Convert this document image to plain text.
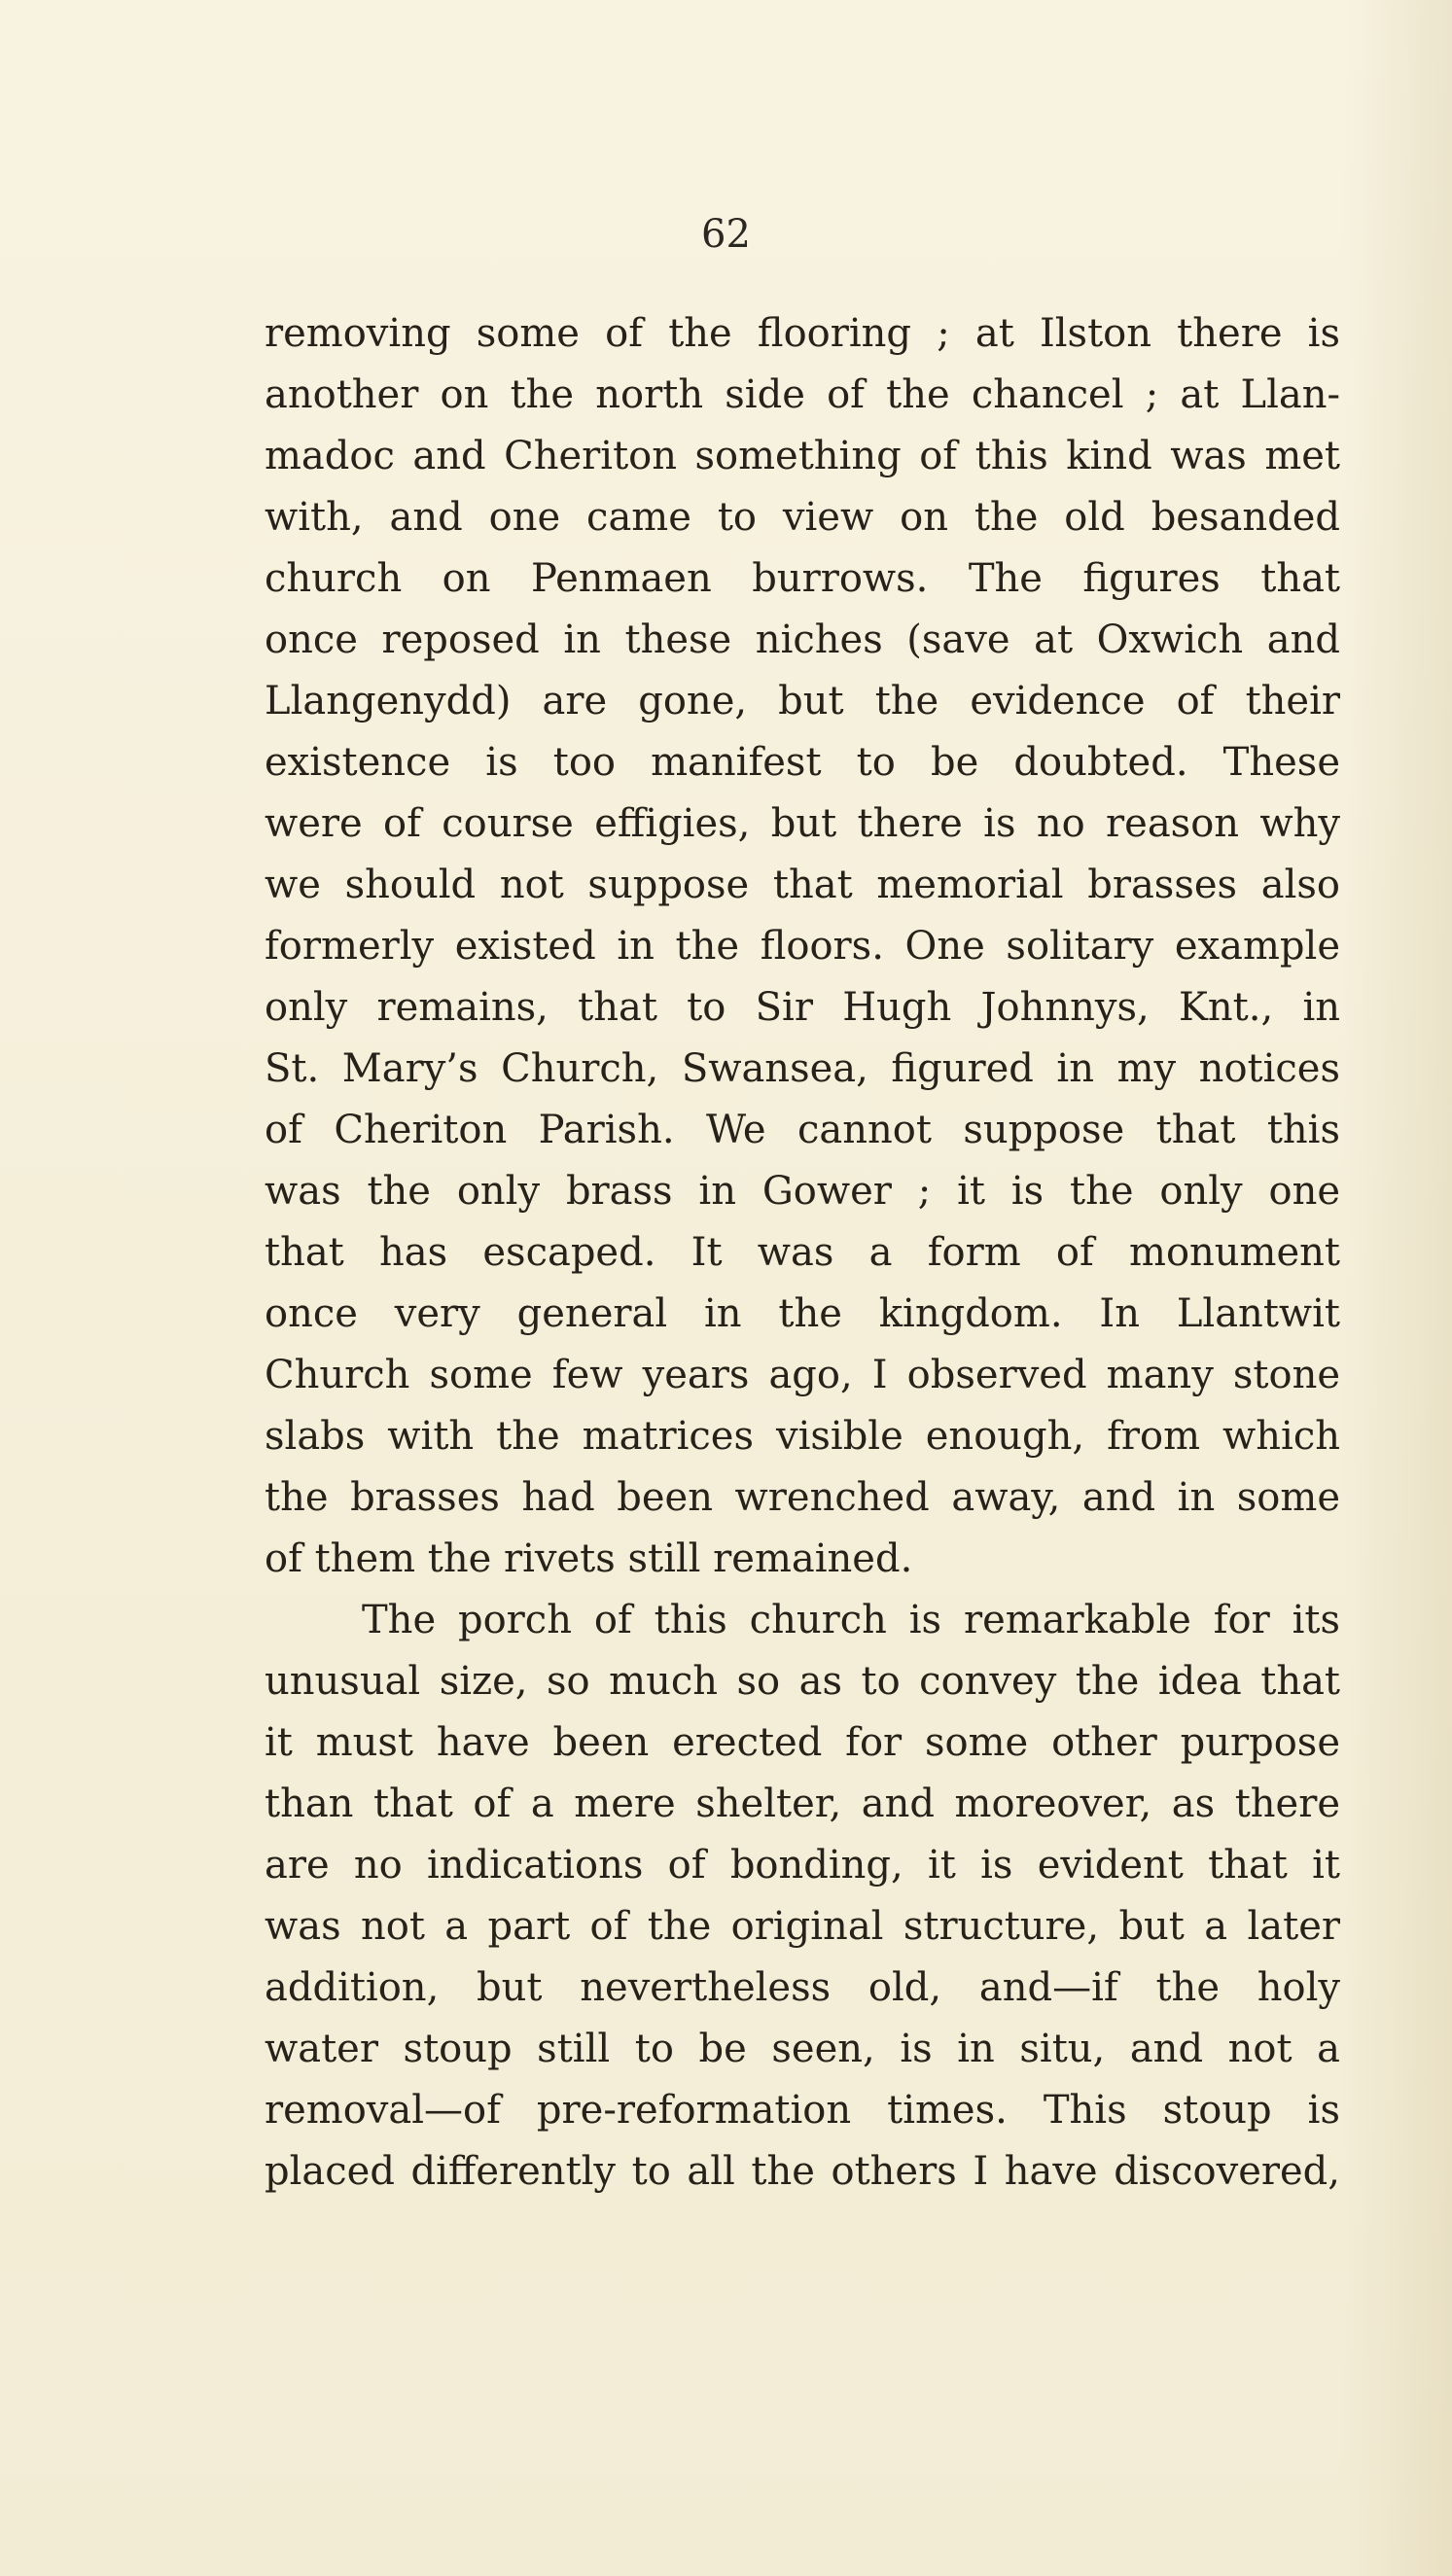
62

removing some of the flooring ; at Ilston there is
another on the north side of the chancel ; at Llan-
madoc and Cheriton something of this kind was met
with, and one came to view on the old besanded
church on Penmaen burrows. The figures that
once reposed in these niches (save at Oxwich and
Llangenydd) are gone, but the evidence of their
existence is too manifest to be doubted. These
were of course effigies, but there is no reason why
we should not suppose that memorial brasses also
formerly existed in the floors. One solitary example
only remains, that to Sir Hugh Johnnys, Knt., in
St. Mary’s Church, Swansea, figured in my notices
of Cheriton Parish. We cannot suppose that this
was the only brass in Gower ; it is the only one
that has escaped. It was a form of monument
once very general in the kingdom. In Llantwit
Church some few years ago, I observed many stone
slabs with the matrices visible enough, from which
the brasses had been wrenched away, and in some
of them the rivets still remained.
The porch of this church is remarkable for its
unusual size, so much so as to convey the idea that
it must have been erected for some other purpose
than that of a mere shelter, and moreover, as there
are no indications of bonding, it is evident that it
was not a part of the original structure, but a later
addition, but nevertheless old, and—if the holy
water stoup still to be seen, is in situ, and not a
removal—of pre-reformation times. This stoup is
placed differently to all the others I have discovered,
